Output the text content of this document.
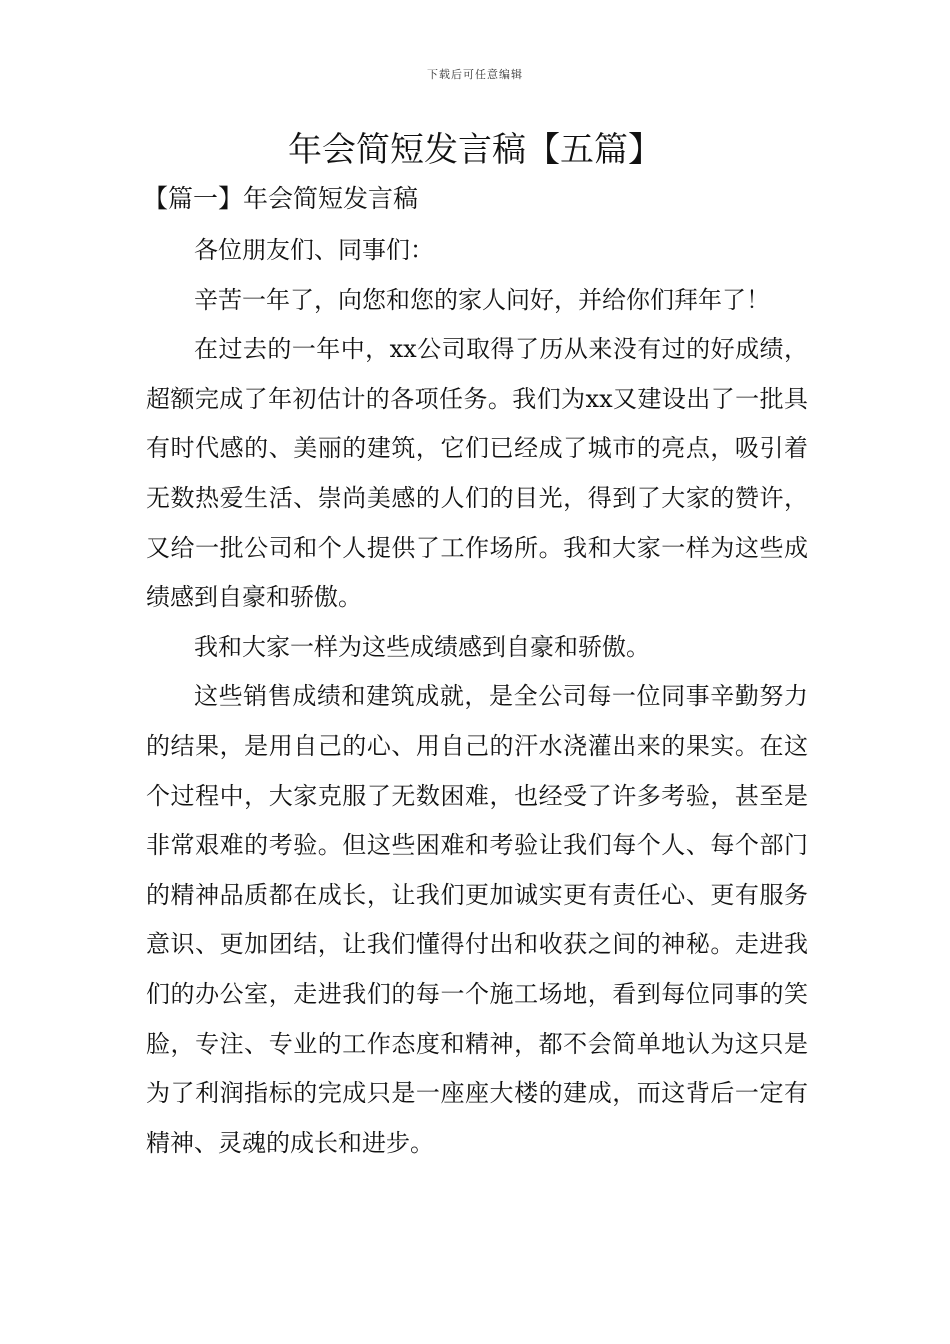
下载后可任意编辑
年会简短发言稿【五篇】
【篇一】年会简短发言稿

各位朋友们、同事们：

辛苦一年了，向您和您的家人问好，并给你们拜年了！

在过去的一年中，xx公司取得了历从来没有过的好成绩，超额完成了年初估计的各项任务。我们为xx又建设出了一批具有时代感的、美丽的建筑，它们已经成了城市的亮点，吸引着无数热爱生活、崇尚美感的人们的目光，得到了大家的赞许，又给一批公司和个人提供了工作场所。我和大家一样为这些成绩感到自豪和骄傲。

我和大家一样为这些成绩感到自豪和骄傲。

这些销售成绩和建筑成就，是全公司每一位同事辛勤努力的结果，是用自己的心、用自己的汗水浇灌出来的果实。在这个过程中，大家克服了无数困难，也经受了许多考验，甚至是非常艰难的考验。但这些困难和考验让我们每个人、每个部门的精神品质都在成长，让我们更加诚实更有责任心、更有服务意识、更加团结，让我们懂得付出和收获之间的神秘。走进我们的办公室，走进我们的每一个施工场地，看到每位同事的笑脸，专注、专业的工作态度和精神，都不会简单地认为这只是为了利润指标的完成只是一座座大楼的建成，而这背后一定有精神、灵魂的成长和进步。
